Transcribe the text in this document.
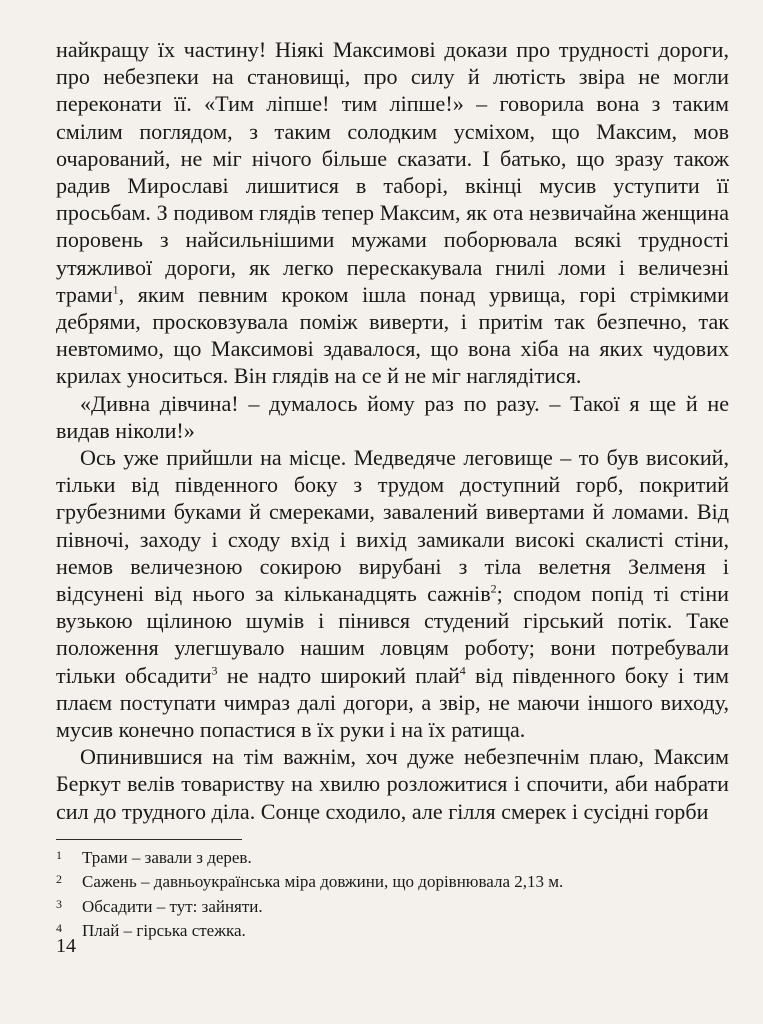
найкращу їх частину! Ніякі Максимові докази про трудності дороги, про небезпеки на становищі, про силу й лютість звіра не могли переконати її. «Тим ліпше! тим ліпше!» – говорила вона з таким смілим поглядом, з таким солодким усміхом, що Максим, мов очарований, не міг нічого більше сказати. І батько, що зразу також радив Мирославі лишитися в таборі, вкінці мусив уступити її просьбам. З подивом глядів тепер Максим, як ота незвичайна женщина поровень з найсильнішими мужами поборювала всякі трудності утяжливої дороги, як легко перескакувала гнилі ломи і величезні трами$^1$, яким певним кроком ішла понад урвища, горі стрімкими дебрями, просковзувала поміж виверти, і притім так безпечно, так невтомимо, що Максимові здавалося, що вона хіба на яких чудових крилах уноситься. Він глядів на се й не міг наглядітися.

«Дивна дівчина! – думалось йому раз по разу. – Такої я ще й не видав ніколи!»

Ось уже прийшли на місце. Медведяче леговище – то був високий, тільки від південного боку з трудом доступний горб, покритий грубезними буками й смереками, завалений вивертами й ломами. Від півночі, заходу і сходу вхід і вихід замикали високі скалисті стіни, немов величезною сокирою вирубані з тіла велетня Зелменя і відсунені від нього за кільканадцять сажнів$^2$; сподом попід ті стіни вузькою щілиною шумів і пінився студений гірський потік. Таке положення улегшувало нашим ловцям роботу; вони потребували тільки обсадити$^3$ не надто широкий плай$^4$ від південного боку і тим плаєм поступати чимраз далі догори, а звір, не маючи іншого виходу, мусив конечно попастися в їх руки і на їх ратища.

Опинившися на тім важнім, хоч дуже небезпечнім плаю, Максим Беркут велів товариству на хвилю розложитися і спочити, аби набрати сил до трудного діла. Сонце сходило, але гілля смерек і сусідні горби

1	Трами – завали з дерев.
2	Сажень – давньоукраїнська міра довжини, що дорівнювала 2,13 м.
3	Обсадити – тут: зайняти.
4	Плай – гірська стежка.
14
